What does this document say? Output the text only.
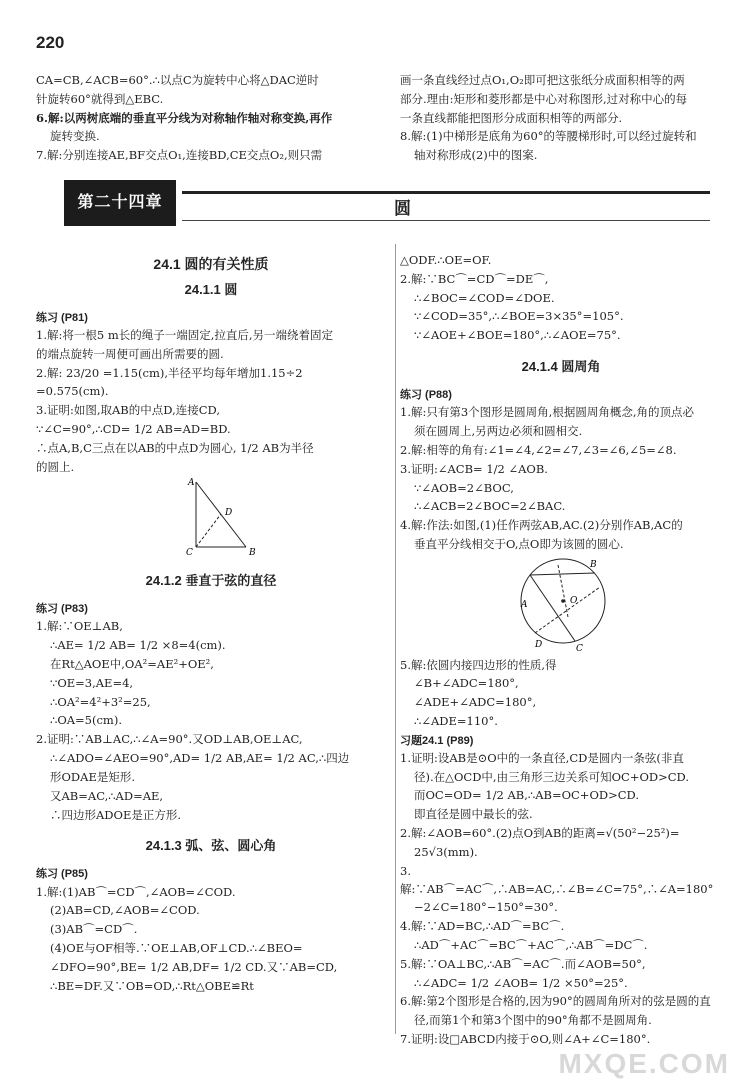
220

CA=CB,∠ACB=60°.∴以点C为旋转中心将△DAC逆时

针旋转60°就得到△EBC.

6.解:以两树底端的垂直平分线为对称轴作轴对称变换,再作

旋转变换.

7.解:分别连接AE,BF交点O₁,连接BD,CE交点O₂,则只需

画一条直线经过点O₁,O₂即可把这张纸分成面积相等的两

部分.理由:矩形和菱形都是中心对称图形,过对称中心的每

一条直线都能把图形分成面积相等的两部分.

8.解:(1)中梯形是底角为60°的等腰梯形时,可以经过旋转和

轴对称形成(2)中的图案.

第二十四章	圆
24.1 圆的有关性质
24.1.1 圆
练习 (P81)

1.解:将一根5 m长的绳子一端固定,拉直后,另一端绕着固定

的端点旋转一周便可画出所需要的圆.

2.解: 23/20 =1.15(cm),半径平均每年增加1.15÷2

=0.575(cm).

3.证明:如图,取AB的中点D,连接CD,

∵∠C=90°,∴CD= 1/2 AB=AD=BD.

∴点A,B,C三点在以AB的中点D为圆心, 1/2 AB为半径

的圆上.

A
D
C	B
24.1.2 垂直于弦的直径
练习 (P83)

1.解:∵OE⊥AB,

∴AE= 1/2 AB= 1/2 ×8=4(cm).

在Rt△AOE中,OA²=AE²+OE²,

∵OE=3,AE=4,

∴OA²=4²+3²=25,

∴OA=5(cm).

2.证明:∵AB⊥AC,∴∠A=90°.又OD⊥AB,OE⊥AC,

∴∠ADO=∠AEO=90°,AD= 1/2 AB,AE= 1/2 AC,∴四边

形ODAE是矩形.

又AB=AC,∴AD=AE,

∴四边形ADOE是正方形.

24.1.3 弧、弦、圆心角
练习 (P85)

1.解:(1)AB⌒=CD⌒,∠AOB=∠COD.

(2)AB=CD,∠AOB=∠COD.

(3)AB⌒=CD⌒.

(4)OE与OF相等.∵OE⊥AB,OF⊥CD.∴∠BEO=

∠DFO=90°,BE= 1/2 AB,DF= 1/2 CD.又∵AB=CD,

∴BE=DF.又∵OB=OD,∴Rt△OBE≌Rt

△ODF.∴OE=OF.

2.解:∵BC⌒=CD⌒=DE⌒,

∴∠BOC=∠COD=∠DOE.

∵∠COD=35°,∴∠BOE=3×35°=105°.

∵∠AOE+∠BOE=180°,∴∠AOE=75°.

24.1.4 圆周角
练习 (P88)

1.解:只有第3个图形是圆周角,根据圆周角概念,角的顶点必

须在圆周上,另两边必须和圆相交.

2.解:相等的角有:∠1=∠4,∠2=∠7,∠3=∠6,∠5=∠8.

3.证明:∠ACB= 1/2 ∠AOB.

∵∠AOB=2∠BOC,

∴∠ACB=2∠BOC=2∠BAC.

4.解:作法:如图,(1)任作两弦AB,AC.(2)分别作AB,AC的

垂直平分线相交于O,点O即为该圆的圆心.

A
B
O
D	C

5.解:依圆内接四边形的性质,得

∠B+∠ADC=180°,

∠ADE+∠ADC=180°,

∴∠ADE=110°.

习题24.1 (P89)

1.证明:设AB是⊙O中的一条直径,CD是圆内一条弦(非直

径).在△OCD中,由三角形三边关系可知OC+OD>CD.

而OC=OD= 1/2 AB,∴AB=OC+OD>CD.

即直径是圆中最长的弦.

2.解:∠AOB=60°.(2)点O到AB的距离=√(50²−25²)=

25√3(mm).

3.解:∵AB⌒=AC⌒,∴AB=AC,∴∠B=∠C=75°,∴∠A=180°

−2∠C=180°−150°=30°.

4.解:∵AD=BC,∴AD⌒=BC⌒.

∴AD⌒+AC⌒=BC⌒+AC⌒,∴AB⌒=DC⌒.

5.解:∵OA⊥BC,∴AB⌒=AC⌒.而∠AOB=50°,

∴∠ADC= 1/2 ∠AOB= 1/2 ×50°=25°.

6.解:第2个图形是合格的,因为90°的圆周角所对的弦是圆的直

径,而第1个和第3个图中的90°角都不是圆周角.

7.证明:设□ABCD内接于⊙O,则∠A+∠C=180°.

MXQE.COM
